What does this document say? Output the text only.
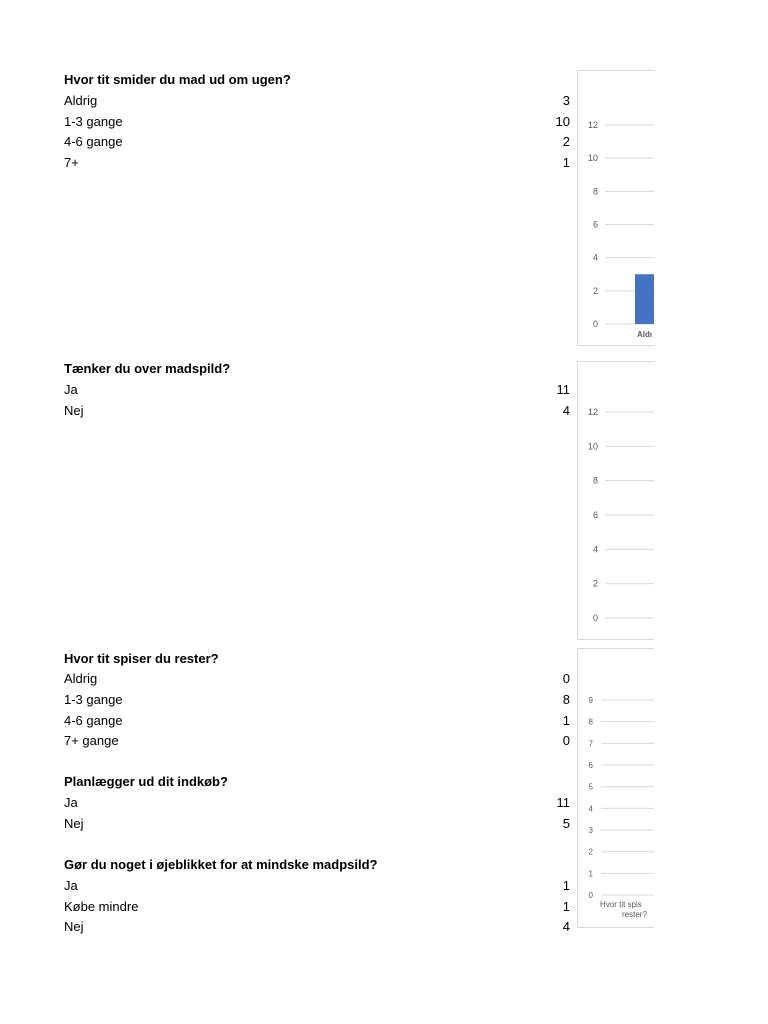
Hvor tit smider du mad ud om ugen?
Aldrig	3
1-3 gange	10
4-6 gange	2
7+	1
Tænker du over madspild?
Ja	11
Nej	4
Hvor tit spiser du rester?
Aldrig	0
1-3 gange	8
4-6 gange	1
7+ gange	0
Planlægger ud dit indkøb?
Ja	11
Nej	5
Gør du noget i øjeblikket for at mindske madpsild?
Ja	1
Købe mindre	1
Nej	4
12
10
8
6
4
2
0
Aldı
12
10
8
6
4
2
0
9
8
7
6
5
4
3
2
1
0
Hvor tit spis
rester?
